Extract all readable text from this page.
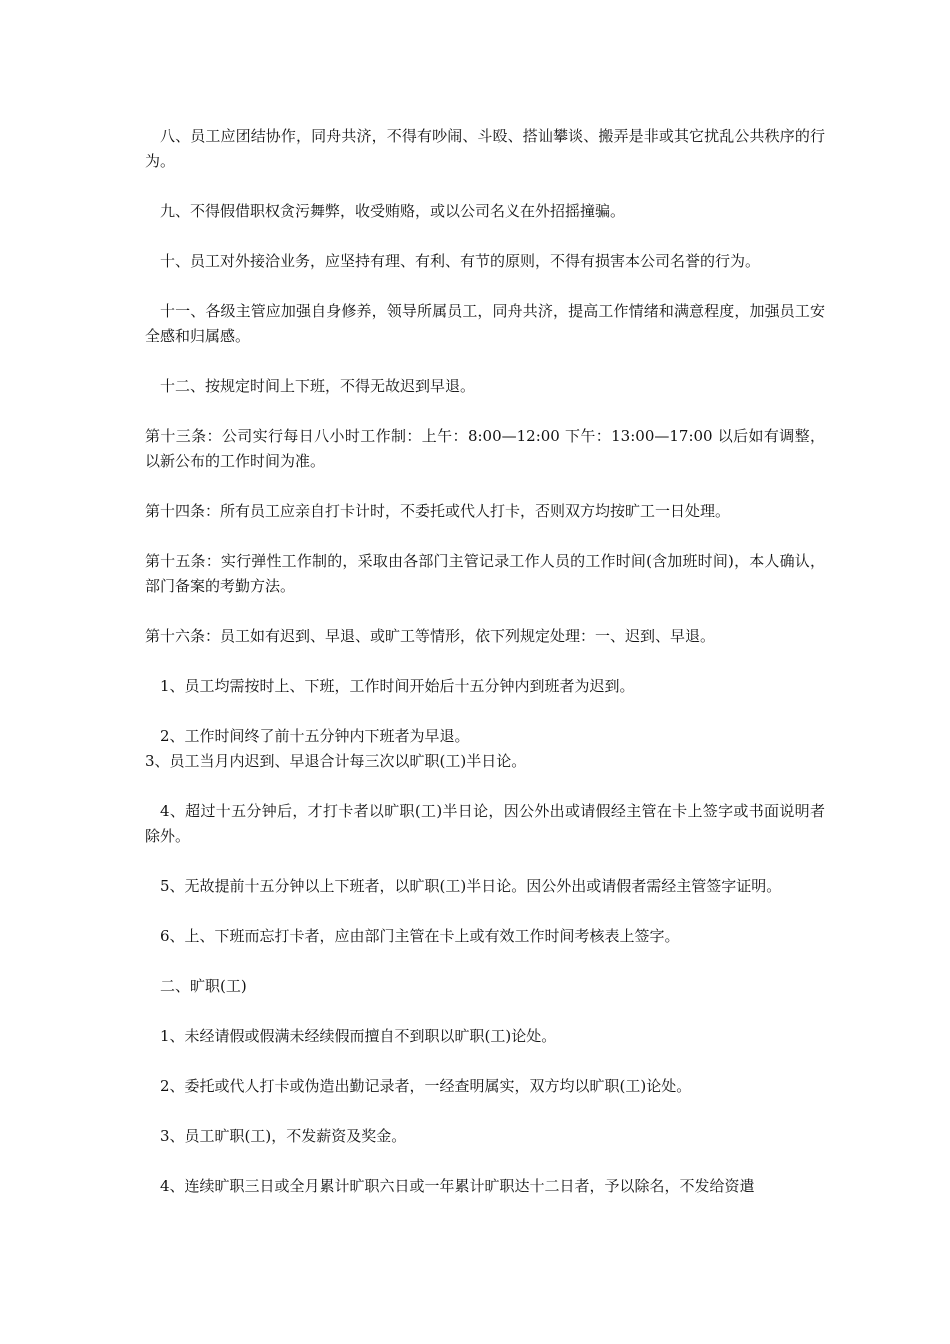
八、员工应团结协作，同舟共济，不得有吵闹、斗殴、搭讪攀谈、搬弄是非或其它扰乱公共秩序的行为。

九、不得假借职权贪污舞弊，收受贿赂，或以公司名义在外招摇撞骗。

十、员工对外接洽业务，应坚持有理、有利、有节的原则，不得有损害本公司名誉的行为。

十一、各级主管应加强自身修养，领导所属员工，同舟共济，提高工作情绪和满意程度，加强员工安全感和归属感。

十二、按规定时间上下班，不得无故迟到早退。

第十三条：公司实行每日八小时工作制：上午：8:00—12:00 下午：13:00—17:00 以后如有调整，以新公布的工作时间为准。

第十四条：所有员工应亲自打卡计时，不委托或代人打卡，否则双方均按旷工一日处理。

第十五条：实行弹性工作制的，采取由各部门主管记录工作人员的工作时间(含加班时间)，本人确认，部门备案的考勤方法。

第十六条：员工如有迟到、早退、或旷工等情形，依下列规定处理：一、迟到、早退。

1、员工均需按时上、下班，工作时间开始后十五分钟内到班者为迟到。

2、工作时间终了前十五分钟内下班者为早退。

3、员工当月内迟到、早退合计每三次以旷职(工)半日论。

4、超过十五分钟后，才打卡者以旷职(工)半日论，因公外出或请假经主管在卡上签字或书面说明者除外。

5、无故提前十五分钟以上下班者，以旷职(工)半日论。因公外出或请假者需经主管签字证明。

6、上、下班而忘打卡者，应由部门主管在卡上或有效工作时间考核表上签字。

二、旷职(工)

1、未经请假或假满未经续假而擅自不到职以旷职(工)论处。

2、委托或代人打卡或伪造出勤记录者，一经查明属实，双方均以旷职(工)论处。

3、员工旷职(工)，不发薪资及奖金。

4、连续旷职三日或全月累计旷职六日或一年累计旷职达十二日者，予以除名，不发给资遣
